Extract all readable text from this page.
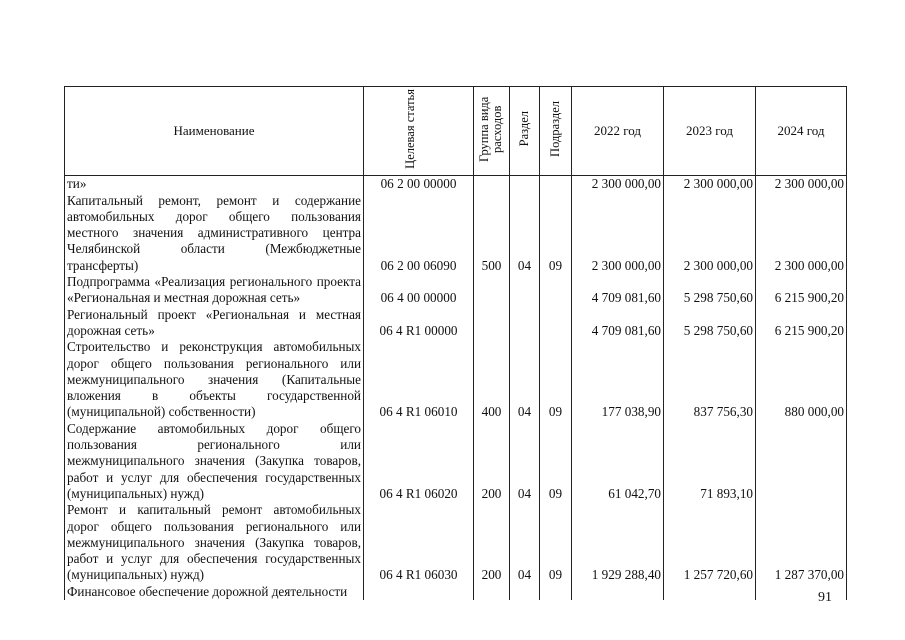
Наименование	Целевая статья	Группа вида расходов	Раздел	Подраздел	2022 год	2023 год	2024 год
ти»	06 2 00 00000				2 300 000,00	2 300 000,00	2 300 000,00
Капитальный ремонт, ремонт и содержание автомобильных дорог общего пользования местного значения административного центра Челябинской области (Межбюджетные трансферты)	06 2 00 06090	500	04	09	2 300 000,00	2 300 000,00	2 300 000,00
Подпрограмма «Реализация регионального проекта «Региональная и местная дорожная сеть»	06 4 00 00000				4 709 081,60	5 298 750,60	6 215 900,20
Региональный проект «Региональная и местная дорожная сеть»	06 4 R1 00000				4 709 081,60	5 298 750,60	6 215 900,20
Строительство и реконструкция автомобильных дорог общего пользования регионального или межмуниципального значения (Капитальные вложения в объекты государственной (муниципальной) собственности)	06 4 R1 06010	400	04	09	177 038,90	837 756,30	880 000,00
Содержание автомобильных дорог общего пользования регионального или межмуниципального значения (Закупка товаров, работ и услуг для обеспечения государственных (муниципальных) нужд)	06 4 R1 06020	200	04	09	61 042,70	71 893,10	
Ремонт и капитальный ремонт автомобильных дорог общего пользования регионального или межмуниципального значения (Закупка товаров, работ и услуг для обеспечения государственных (муниципальных) нужд)	06 4 R1 06030	200	04	09	1 929 288,40	1 257 720,60	1 287 370,00
Финансовое обеспечение дорожной деятельности								91
